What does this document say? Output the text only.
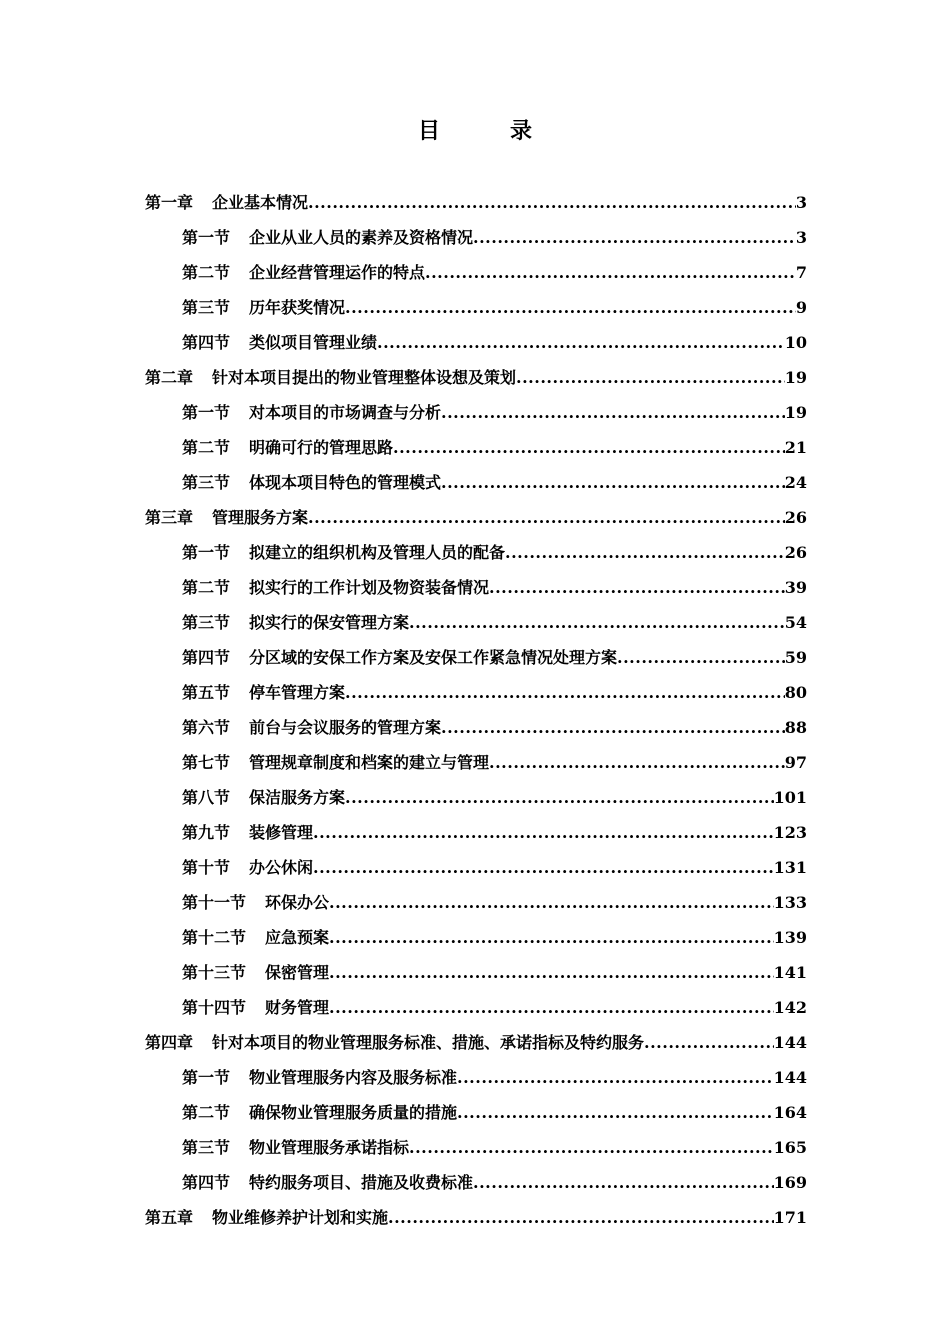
目　录
第一章 企业基本情况 .....	3
第一节 企业从业人员的素养及资格情况 .....	3
第二节 企业经营管理运作的特点 .....	7
第三节 历年获奖情况 .....	9
第四节 类似项目管理业绩 .....	10
第二章 针对本项目提出的物业管理整体设想及策划 .....	19
第一节 对本项目的市场调查与分析 .....	19
第二节 明确可行的管理思路 .....	21
第三节 体现本项目特色的管理模式 .....	24
第三章 管理服务方案 .....	26
第一节 拟建立的组织机构及管理人员的配备 .....	26
第二节 拟实行的工作计划及物资装备情况 .....	39
第三节 拟实行的保安管理方案 .....	54
第四节 分区域的安保工作方案及安保工作紧急情况处理方案 .....	59
第五节 停车管理方案 .....	80
第六节 前台与会议服务的管理方案 .....	88
第七节 管理规章制度和档案的建立与管理 .....	97
第八节 保洁服务方案 .....	101
第九节 装修管理 .....	123
第十节 办公休闲 .....	131
第十一节 环保办公 .....	133
第十二节 应急预案 .....	139
第十三节 保密管理 .....	141
第十四节 财务管理 .....	142
第四章 针对本项目的物业管理服务标准、措施、承诺指标及特约服务 .....	144
第一节 物业管理服务内容及服务标准 .....	144
第二节 确保物业管理服务质量的措施 .....	164
第三节 物业管理服务承诺指标 .....	165
第四节 特约服务项目、措施及收费标准 .....	169
第五章 物业维修养护计划和实施 .....	171
